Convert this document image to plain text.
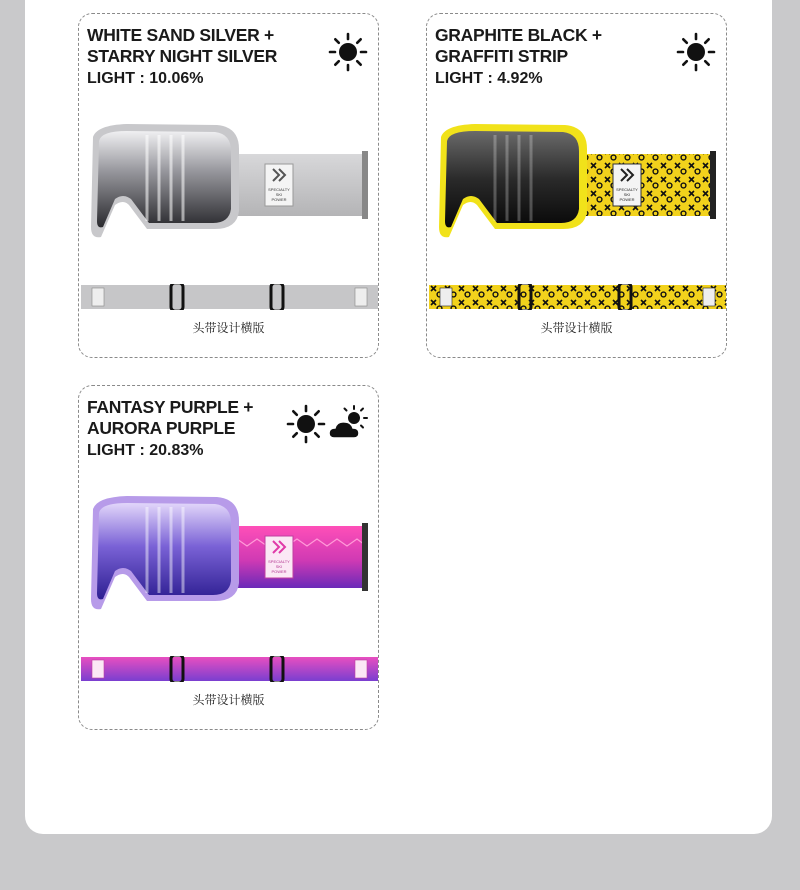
WHITE SAND SILVER +
STARRY NIGHT SILVER
LIGHT : 10.06%
SPECIALTY
SKI
POWER
头带设计横版
GRAPHITE BLACK +
GRAFFITI STRIP
LIGHT : 4.92%
SPECIALTY
SKI
POWER
头带设计横版
FANTASY PURPLE +
AURORA PURPLE
LIGHT : 20.83%
SPECIALTY
SKI
POWER
头带设计横版
